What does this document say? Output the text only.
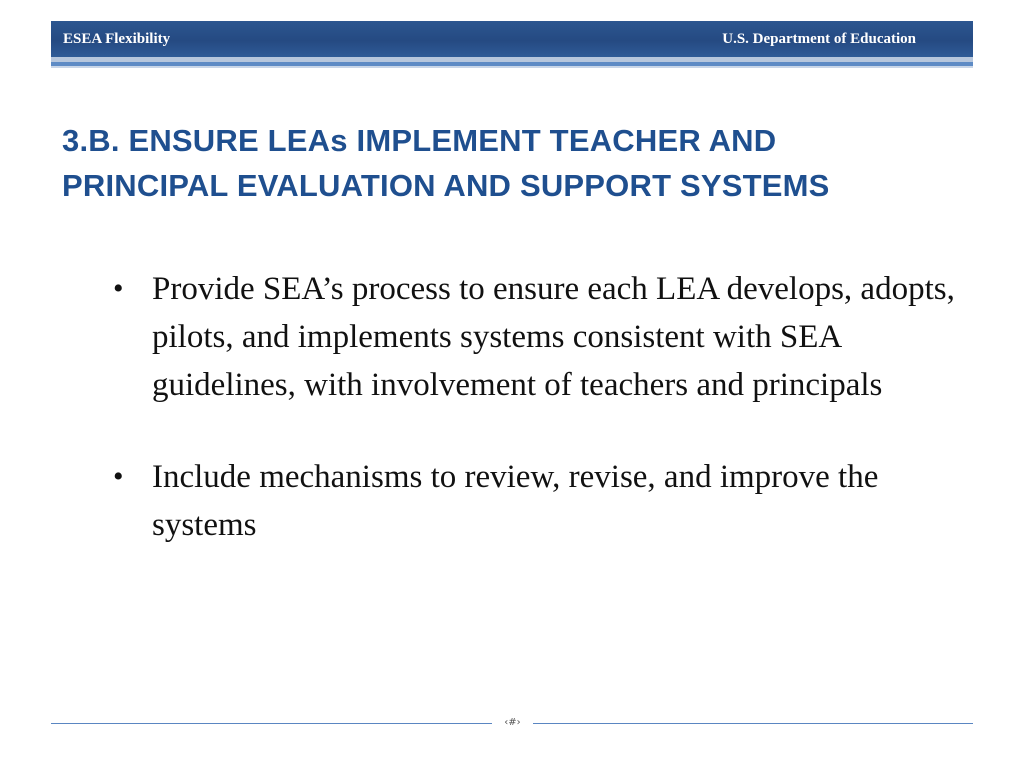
ESEA Flexibility	U.S. Department of Education
3.B. ENSURE LEAs IMPLEMENT TEACHER AND
PRINCIPAL EVALUATION AND SUPPORT SYSTEMS
• Provide SEA’s process to ensure each LEA develops, adopts, pilots, and implements systems consistent with SEA guidelines, with involvement of teachers and principals
• Include mechanisms to review, revise, and improve the systems
‹#›
